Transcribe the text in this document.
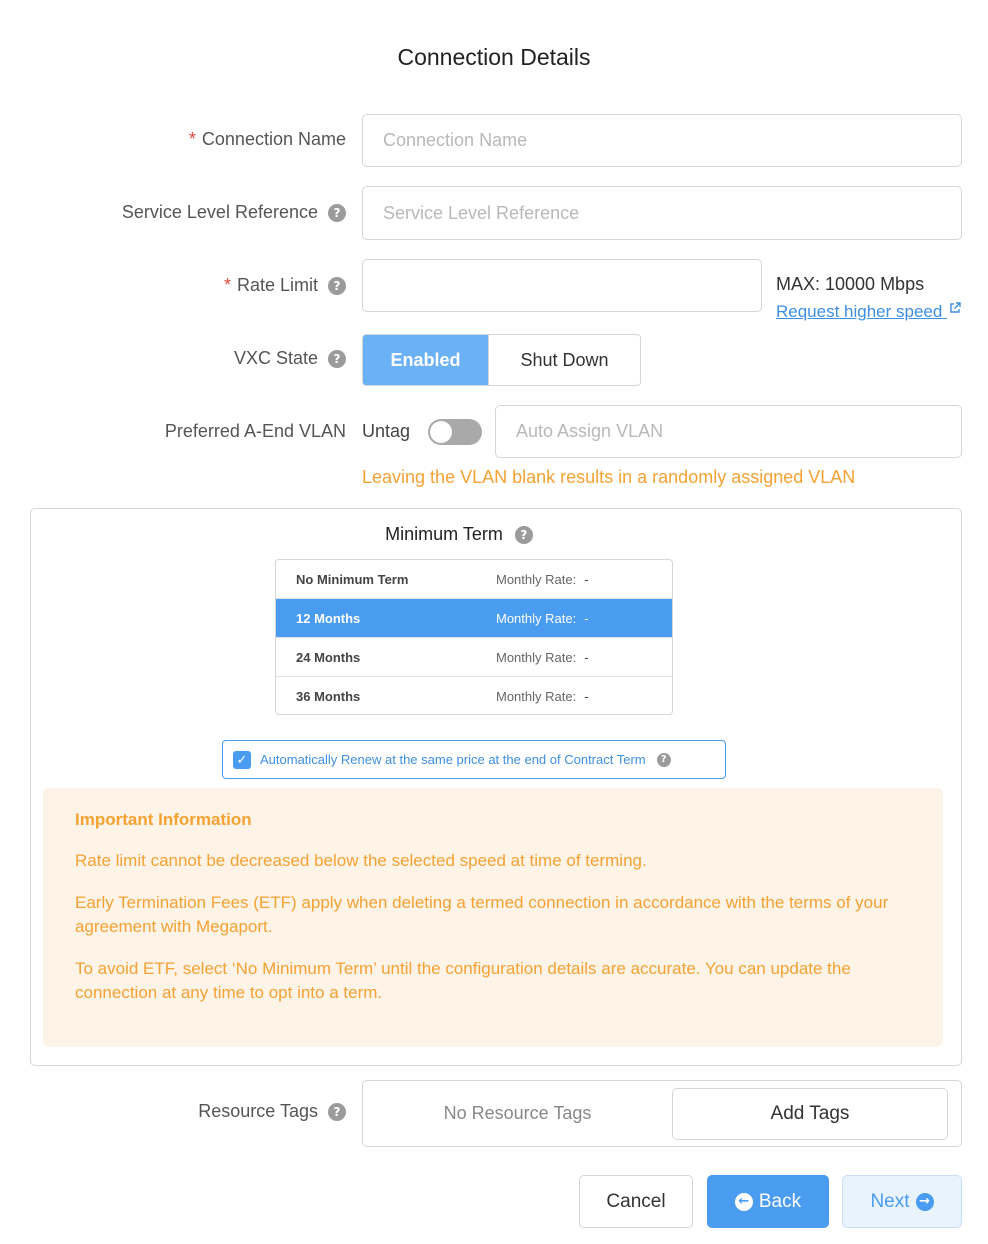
Connection Details
* Connection Name
Connection Name
Service Level Reference	?
Service Level Reference
* Rate Limit	?	MAX: 10000 Mbps
Request higher speed
VXC State	?	Enabled	Shut Down
Preferred A-End VLAN Untag
Auto Assign VLAN
Leaving the VLAN blank results in a randomly assigned VLAN
Minimum Term	?
No Minimum Term	Monthly Rate: -
12 Months	Monthly Rate: -
24 Months	Monthly Rate: -
36 Months	Monthly Rate: -
✓ Automatically Renew at the same price at the end of Contract Term	?
Important Information

Rate limit cannot be decreased below the selected speed at time of terming.

Early Termination Fees (ETF) apply when deleting a termed connection in accordance with the terms of your agreement with Megaport.

To avoid ETF, select ‘No Minimum Term’ until the configuration details are accurate. You can update the connection at any time to opt into a term.

Resource Tags	?	No Resource Tags	Add Tags
Cancel	← Back	Next →
